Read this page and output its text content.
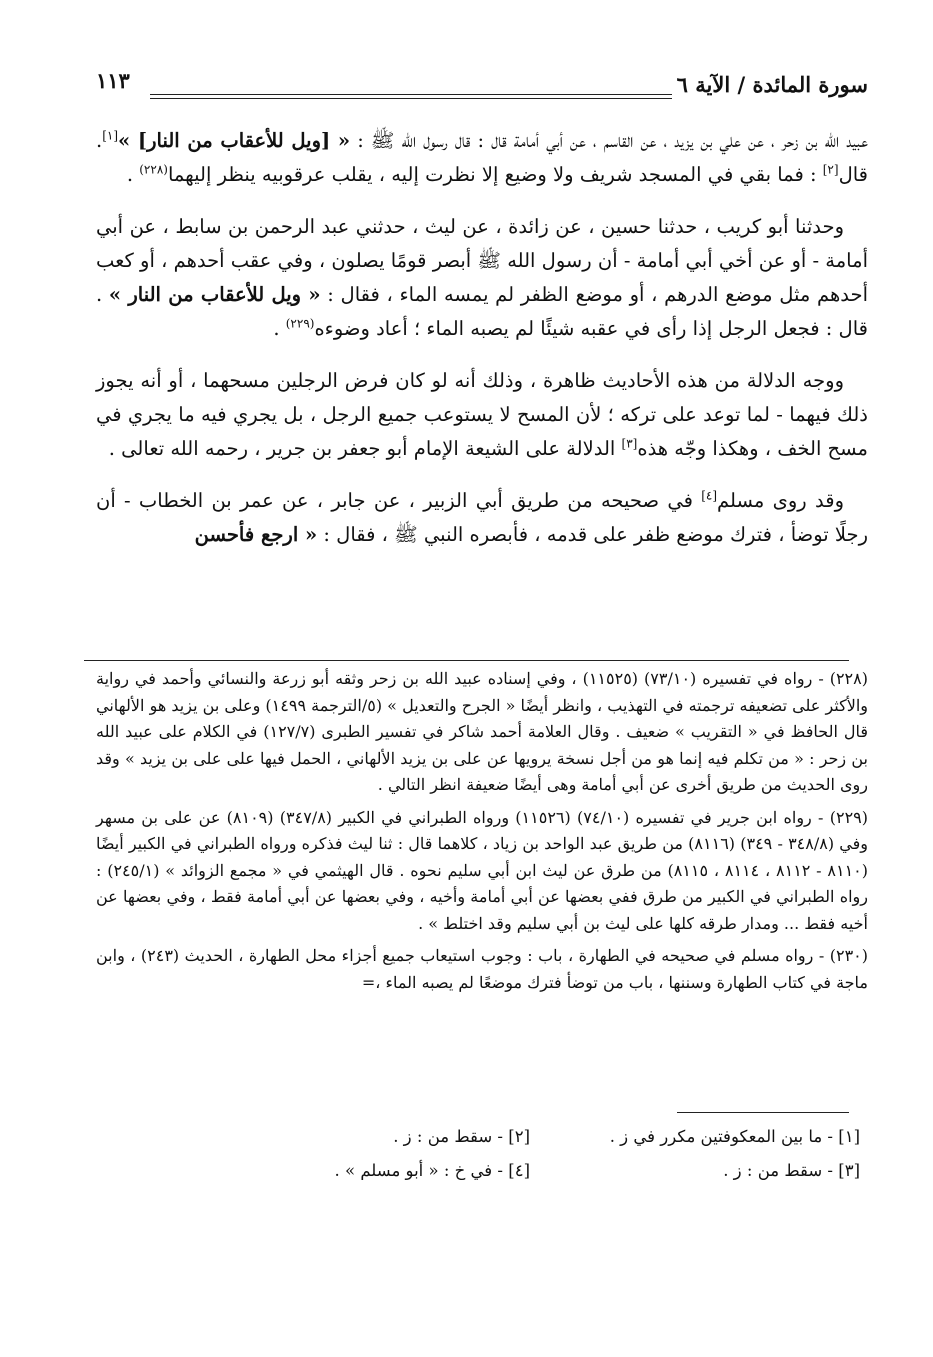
سورة المائدة / الآية ٦
١١٣

عبيد الله بن زحر ، عن علي بن يزيد ، عن القاسم ، عن أبي أمامة قال : قال رسول الله ﷺ : « [ويل للأعقاب من النار] »[١]. قال[٢] : فما بقي في المسجد شريف ولا وضيع إلا نظرت إليه ، يقلب عرقوبيه ينظر إليهما$^{(٢٢٨)}$ .

وحدثنا أبو كريب ، حدثنا حسين ، عن زائدة ، عن ليث ، حدثني عبد الرحمن بن سابط ، عن أبي أمامة - أو عن أخي أبي أمامة - أن رسول الله ﷺ أبصر قومًا يصلون ، وفي عقب أحدهم ، أو كعب أحدهم مثل موضع الدرهم ، أو موضع الظفر لم يمسه الماء ، فقال : « ويل للأعقاب من النار » . قال : فجعل الرجل إذا رأى في عقبه شيئًا لم يصبه الماء ؛ أعاد وضوءه$^{(٢٢٩)}$ .

ووجه الدلالة من هذه الأحاديث ظاهرة ، وذلك أنه لو كان فرض الرجلين مسحهما ، أو أنه يجوز ذلك فيهما - لما توعد على تركه ؛ لأن المسح لا يستوعب جميع الرجل ، بل يجري فيه ما يجري في مسح الخف ، وهكذا وجّه هذه[٣] الدلالة على الشيعة الإمام أبو جعفر بن جرير ، رحمه الله تعالى .

وقد روى مسلم[٤] في صحيحه من طريق أبي الزبير ، عن جابر ، عن عمر بن الخطاب - أن رجلًا توضأ ، فترك موضع ظفر على قدمه ، فأبصره النبي ﷺ ، فقال : « ارجع فأحسن

(٢٢٨) - رواه في تفسيره (٧٣/١٠) (١١٥٢٥) ، وفي إسناده عبيد الله بن زحر وثقه أبو زرعة والنسائي وأحمد في رواية والأكثر على تضعيفه ترجمته في التهذيب ، وانظر أيضًا « الجرح والتعديل » (٥/الترجمة ١٤٩٩) وعلى بن يزيد هو الألهاني قال الحافظ في « التقريب » ضعيف . وقال العلامة أحمد شاكر في تفسير الطبرى (١٢٧/٧) في الكلام على عبيد الله بن زحر : « من تكلم فيه إنما هو من أجل نسخة يرويها عن على بن يزيد الألهاني ، الحمل فيها على على بن يزيد » وقد روى الحديث من طريق أخرى عن أبي أمامة وهى أيضًا ضعيفة انظر التالي .

(٢٢٩) - رواه ابن جرير في تفسيره (٧٤/١٠) (١١٥٢٦) ورواه الطبراني في الكبير (٣٤٧/٨) (٨١٠٩) عن على بن مسهر وفي (٣٤٨/٨ - ٣٤٩) (٨١١٦) من طريق عبد الواحد بن زياد ، كلاهما قال : ثنا ليث فذكره ورواه الطبراني في الكبير أيضًا (٨١١٠ - ٨١١٢ ، ٨١١٤ ، ٨١١٥) من طرق عن ليث ابن أبي سليم نحوه . قال الهيثمي في « مجمع الزوائد » (٢٤٥/١) : رواه الطبراني في الكبير من طرق ففي بعضها عن أبي أمامة وأخيه ، وفي بعضها عن أبي أمامة فقط ، وفي بعضها عن أخيه فقط ... ومدار طرقه كلها على ليث بن أبي سليم وقد اختلط » .

(٢٣٠) - رواه مسلم في صحيحه في الطهارة ، باب : وجوب استيعاب جميع أجزاء محل الطهارة ، الحديث (٢٤٣) ، وابن ماجة في كتاب الطهارة وسننها ، باب من توضأ فترك موضعًا لم يصبه الماء ،=

[١] - ما بين المعكوفتين مكرر في ز .
[٢] - سقط من : ز .
[٣] - سقط من : ز .
[٤] - في خ : « أبو مسلم » .
